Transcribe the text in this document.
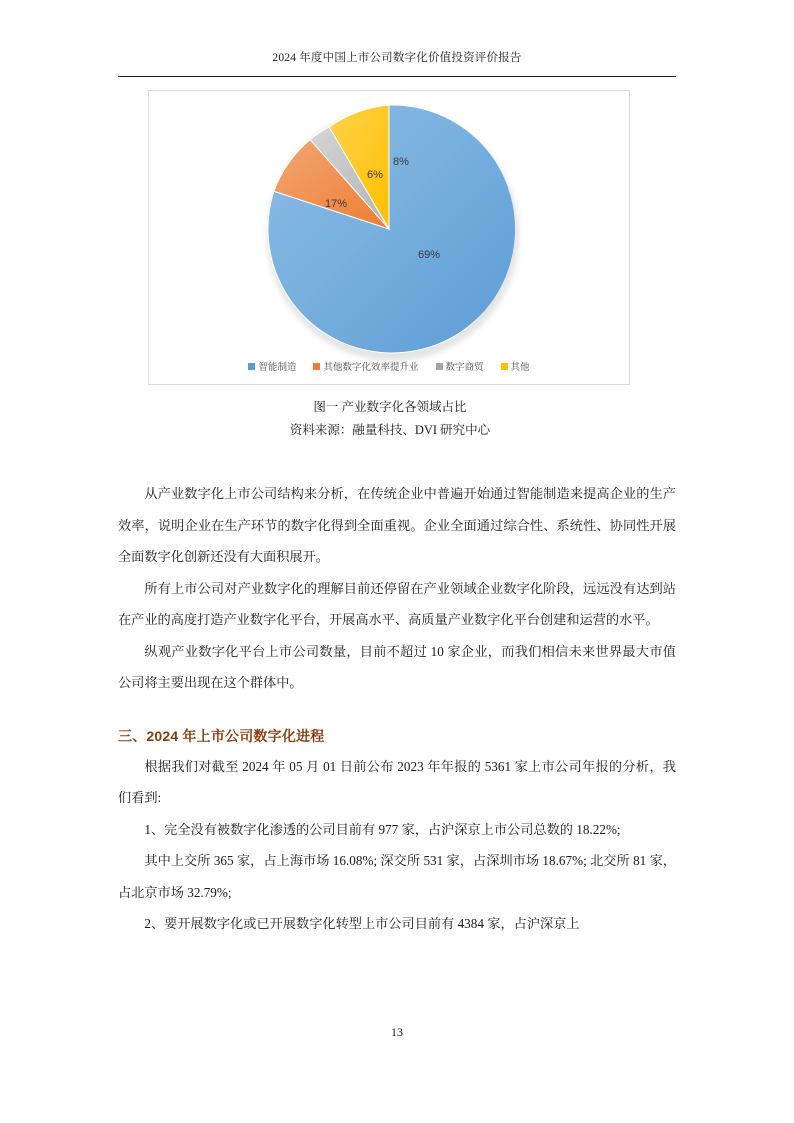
2024 年度中国上市公司数字化价值投资评价报告
69%
17%
6%
8%
智能制造	其他数字化效率提升业	数字商贸	其他
图一 产业数字化各领域占比
资料来源：融量科技、DVI 研究中心

从产业数字化上市公司结构来分析，在传统企业中普遍开始通过智能制造来提高企业的生产效率，说明企业在生产环节的数字化得到全面重视。企业全面通过综合性、系统性、协同性开展全面数字化创新还没有大面积展开。

所有上市公司对产业数字化的理解目前还停留在产业领域企业数字化阶段，远远没有达到站在产业的高度打造产业数字化平台，开展高水平、高质量产业数字化平台创建和运营的水平。

纵观产业数字化平台上市公司数量，目前不超过 10 家企业，而我们相信未来世界最大市值公司将主要出现在这个群体中。

三、2024 年上市公司数字化进程

根据我们对截至 2024 年 05 月 01 日前公布 2023 年年报的 5361 家上市公司年报的分析，我们看到:

1、完全没有被数字化渗透的公司目前有 977 家，占沪深京上市公司总数的 18.22%;

其中上交所 365 家，占上海市场 16.08%; 深交所 531 家，占深圳市场 18.67%; 北交所 81 家，占北京市场 32.79%;

2、要开展数字化或已开展数字化转型上市公司目前有 4384 家，占沪深京上

13
